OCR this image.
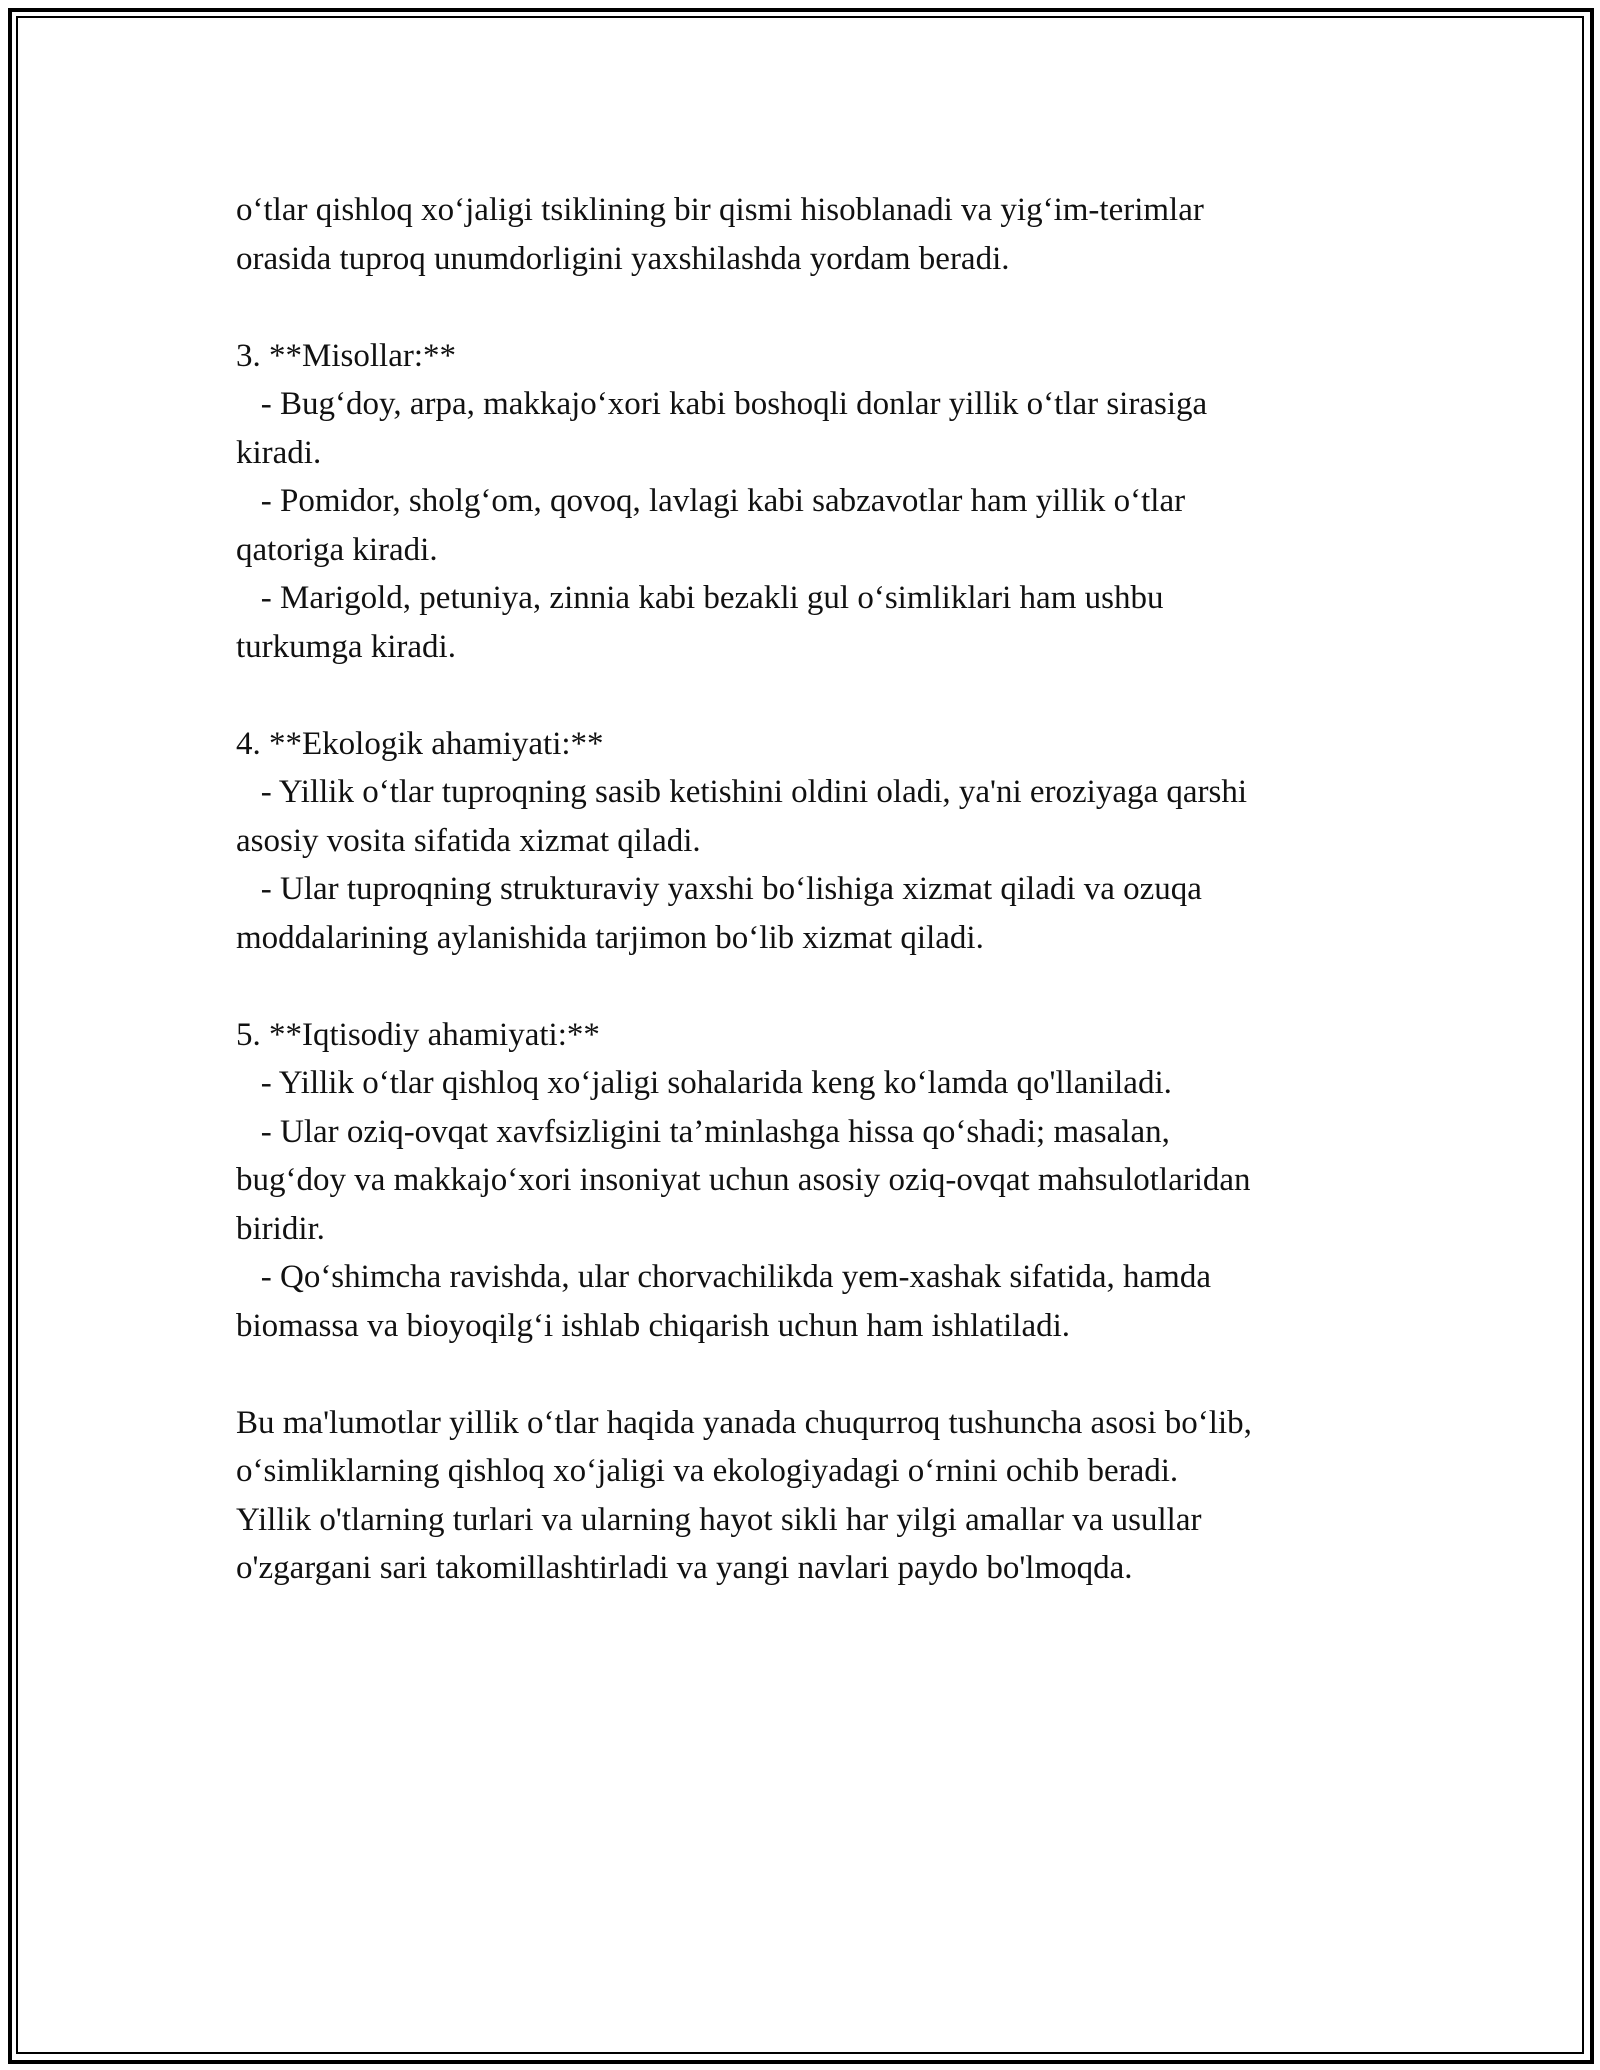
o‘tlar qishloq xo‘jaligi tsiklining bir qismi hisoblanadi va yig‘im-terimlar
orasida tuproq unumdorligini yaxshilashda yordam beradi.
3. **Misollar:**
- Bug‘doy, arpa, makkajo‘xori kabi boshoqli donlar yillik o‘tlar sirasiga
kiradi.
- Pomidor, sholg‘om, qovoq, lavlagi kabi sabzavotlar ham yillik o‘tlar
qatoriga kiradi.
- Marigold, petuniya, zinnia kabi bezakli gul o‘simliklari ham ushbu
turkumga kiradi.
4. **Ekologik ahamiyati:**
- Yillik o‘tlar tuproqning sasib ketishini oldini oladi, ya'ni eroziyaga qarshi
asosiy vosita sifatida xizmat qiladi.
- Ular tuproqning strukturaviy yaxshi bo‘lishiga xizmat qiladi va ozuqa
moddalarining aylanishida tarjimon bo‘lib xizmat qiladi.
5. **Iqtisodiy ahamiyati:**
- Yillik o‘tlar qishloq xo‘jaligi sohalarida keng ko‘lamda qo'llaniladi.
- Ular oziq-ovqat xavfsizligini ta’minlashga hissa qo‘shadi; masalan,
bug‘doy va makkajo‘xori insoniyat uchun asosiy oziq-ovqat mahsulotlaridan
biridir.
- Qo‘shimcha ravishda, ular chorvachilikda yem-xashak sifatida, hamda
biomassa va bioyoqilg‘i ishlab chiqarish uchun ham ishlatiladi.
Bu ma'lumotlar yillik o‘tlar haqida yanada chuqurroq tushuncha asosi bo‘lib,
o‘simliklarning qishloq xo‘jaligi va ekologiyadagi o‘rnini ochib beradi.
Yillik o'tlarning turlari va ularning hayot sikli har yilgi amallar va usullar
o'zgargani sari takomillashtirladi va yangi navlari paydo bo'lmoqda.
